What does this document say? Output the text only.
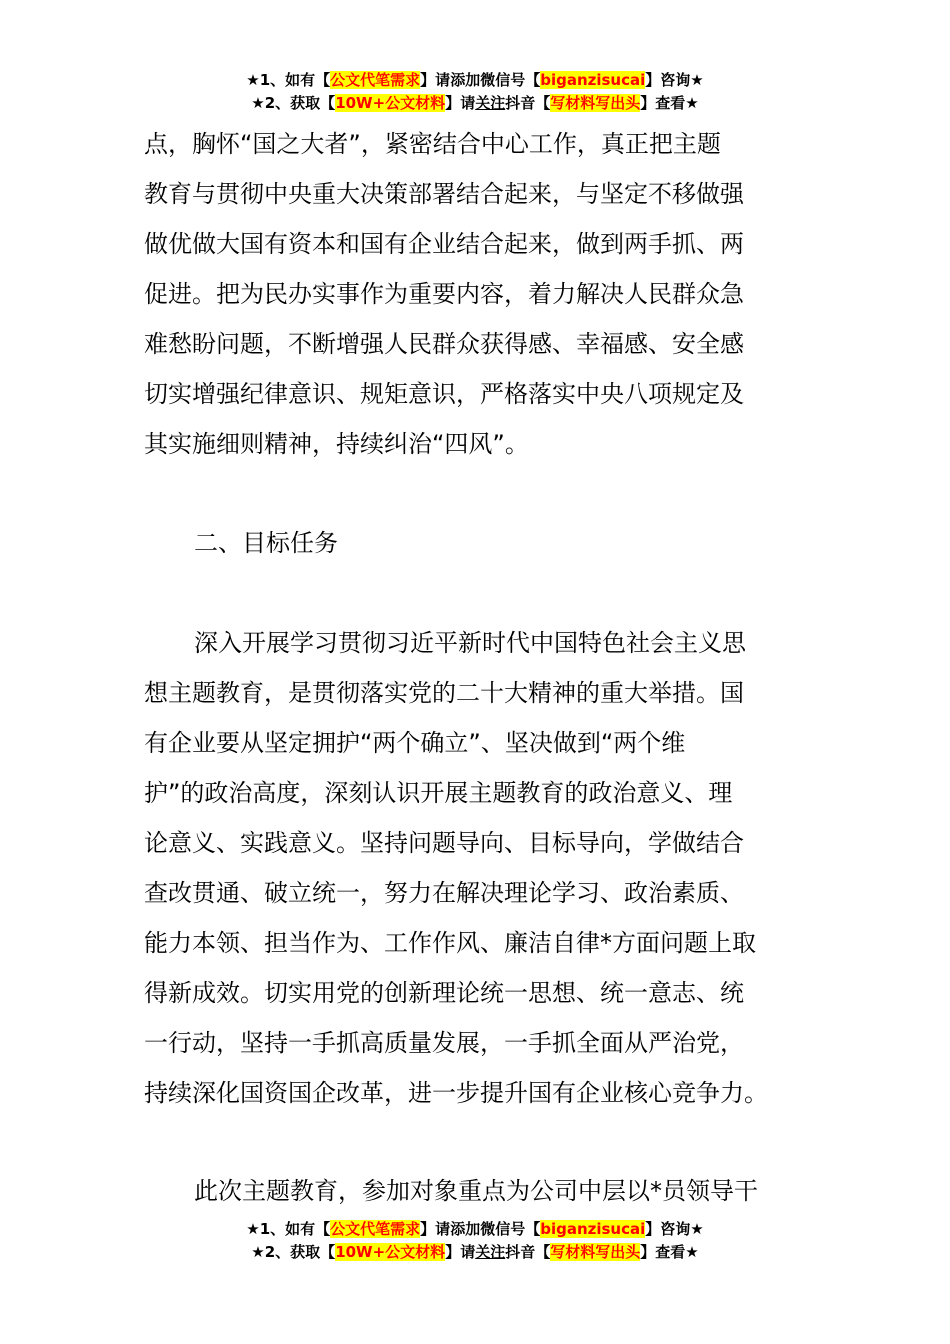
★1、如有【公文代笔需求】请添加微信号【biganzisucai】咨询★
★2、获取【10W+公文材料】请关注抖音【写材料写出头】查看★
点，胸怀“国之大者”，紧密结合中心工作，真正把主题
教育与贯彻中央重大决策部署结合起来，与坚定不移做强
做优做大国有资本和国有企业结合起来，做到两手抓、两
促进。把为民办实事作为重要内容，着力解决人民群众急
难愁盼问题，不断增强人民群众获得感、幸福感、安全感
切实增强纪律意识、规矩意识，严格落实中央八项规定及
其实施细则精神，持续纠治“四风”。
二、目标任务
深入开展学习贯彻习近平新时代中国特色社会主义思
想主题教育，是贯彻落实党的二十大精神的重大举措。国
有企业要从坚定拥护“两个确立”、坚决做到“两个维
护”的政治高度，深刻认识开展主题教育的政治意义、理
论意义、实践意义。坚持问题导向、目标导向，学做结合
查改贯通、破立统一，努力在解决理论学习、政治素质、
能力本领、担当作为、工作作风、廉洁自律*方面问题上取
得新成效。切实用党的创新理论统一思想、统一意志、统
一行动，坚持一手抓高质量发展，一手抓全面从严治党，
持续深化国资国企改革，进一步提升国有企业核心竞争力。
此次主题教育，参加对象重点为公司中层以*员领导干
★1、如有【公文代笔需求】请添加微信号【biganzisucai】咨询★
★2、获取【10W+公文材料】请关注抖音【写材料写出头】查看★
